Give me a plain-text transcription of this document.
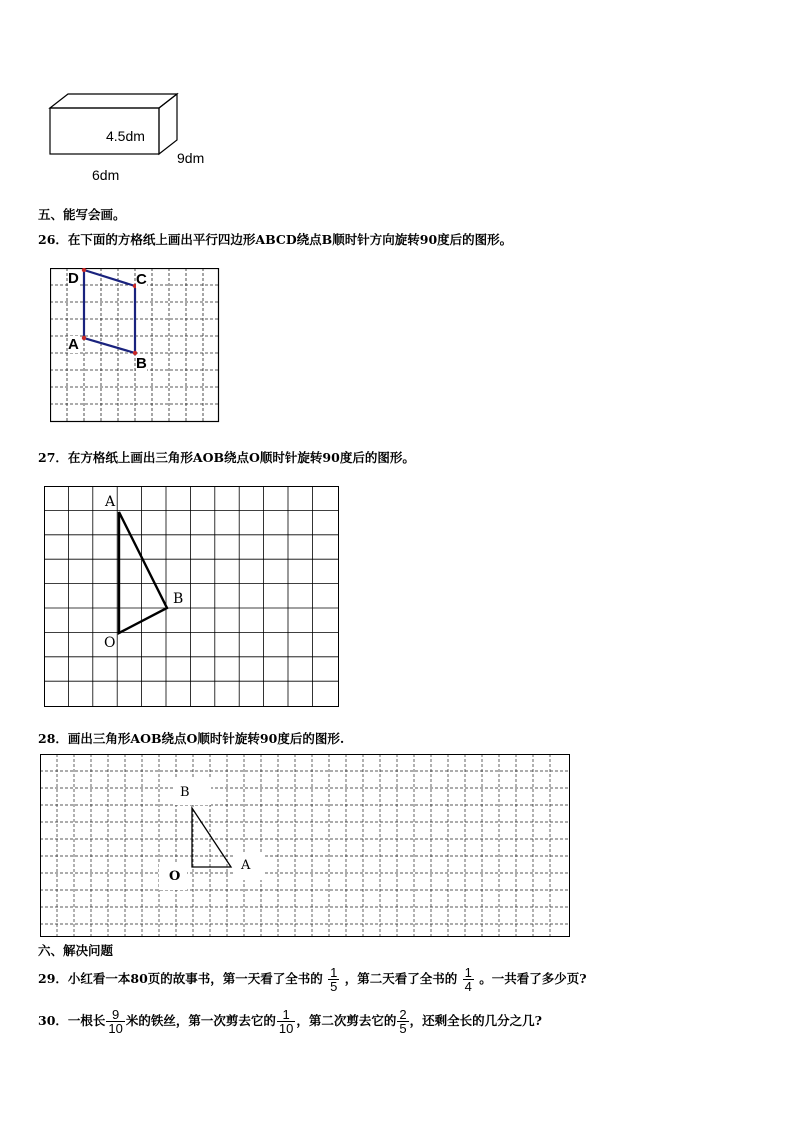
4.5dm
9dm
6dm
五、能写会画。
26．在下面的方格纸上画出平行四边形ABCD绕点B顺时针方向旋转90度后的图形。
D	C
A
B
27．在方格纸上画出三角形AOB绕点O顺时针旋转90度后的图形。
A
B
O
28．画出三角形AOB绕点O顺时针旋转90度后的图形.
B
A
O
六、解决问题
29．小红看一本80页的故事书，第一天看了全书的 $\frac{1}{5}$ ，第二天看了全书的 $\frac{1}{4}$ 。一共看了多少页?
30．一根长 $\frac{9}{10}$ 米的铁丝，第一次剪去它的 $\frac{1}{10}$ ，第二次剪去它的 $\frac{2}{5}$ ，还剩全长的几分之几?
